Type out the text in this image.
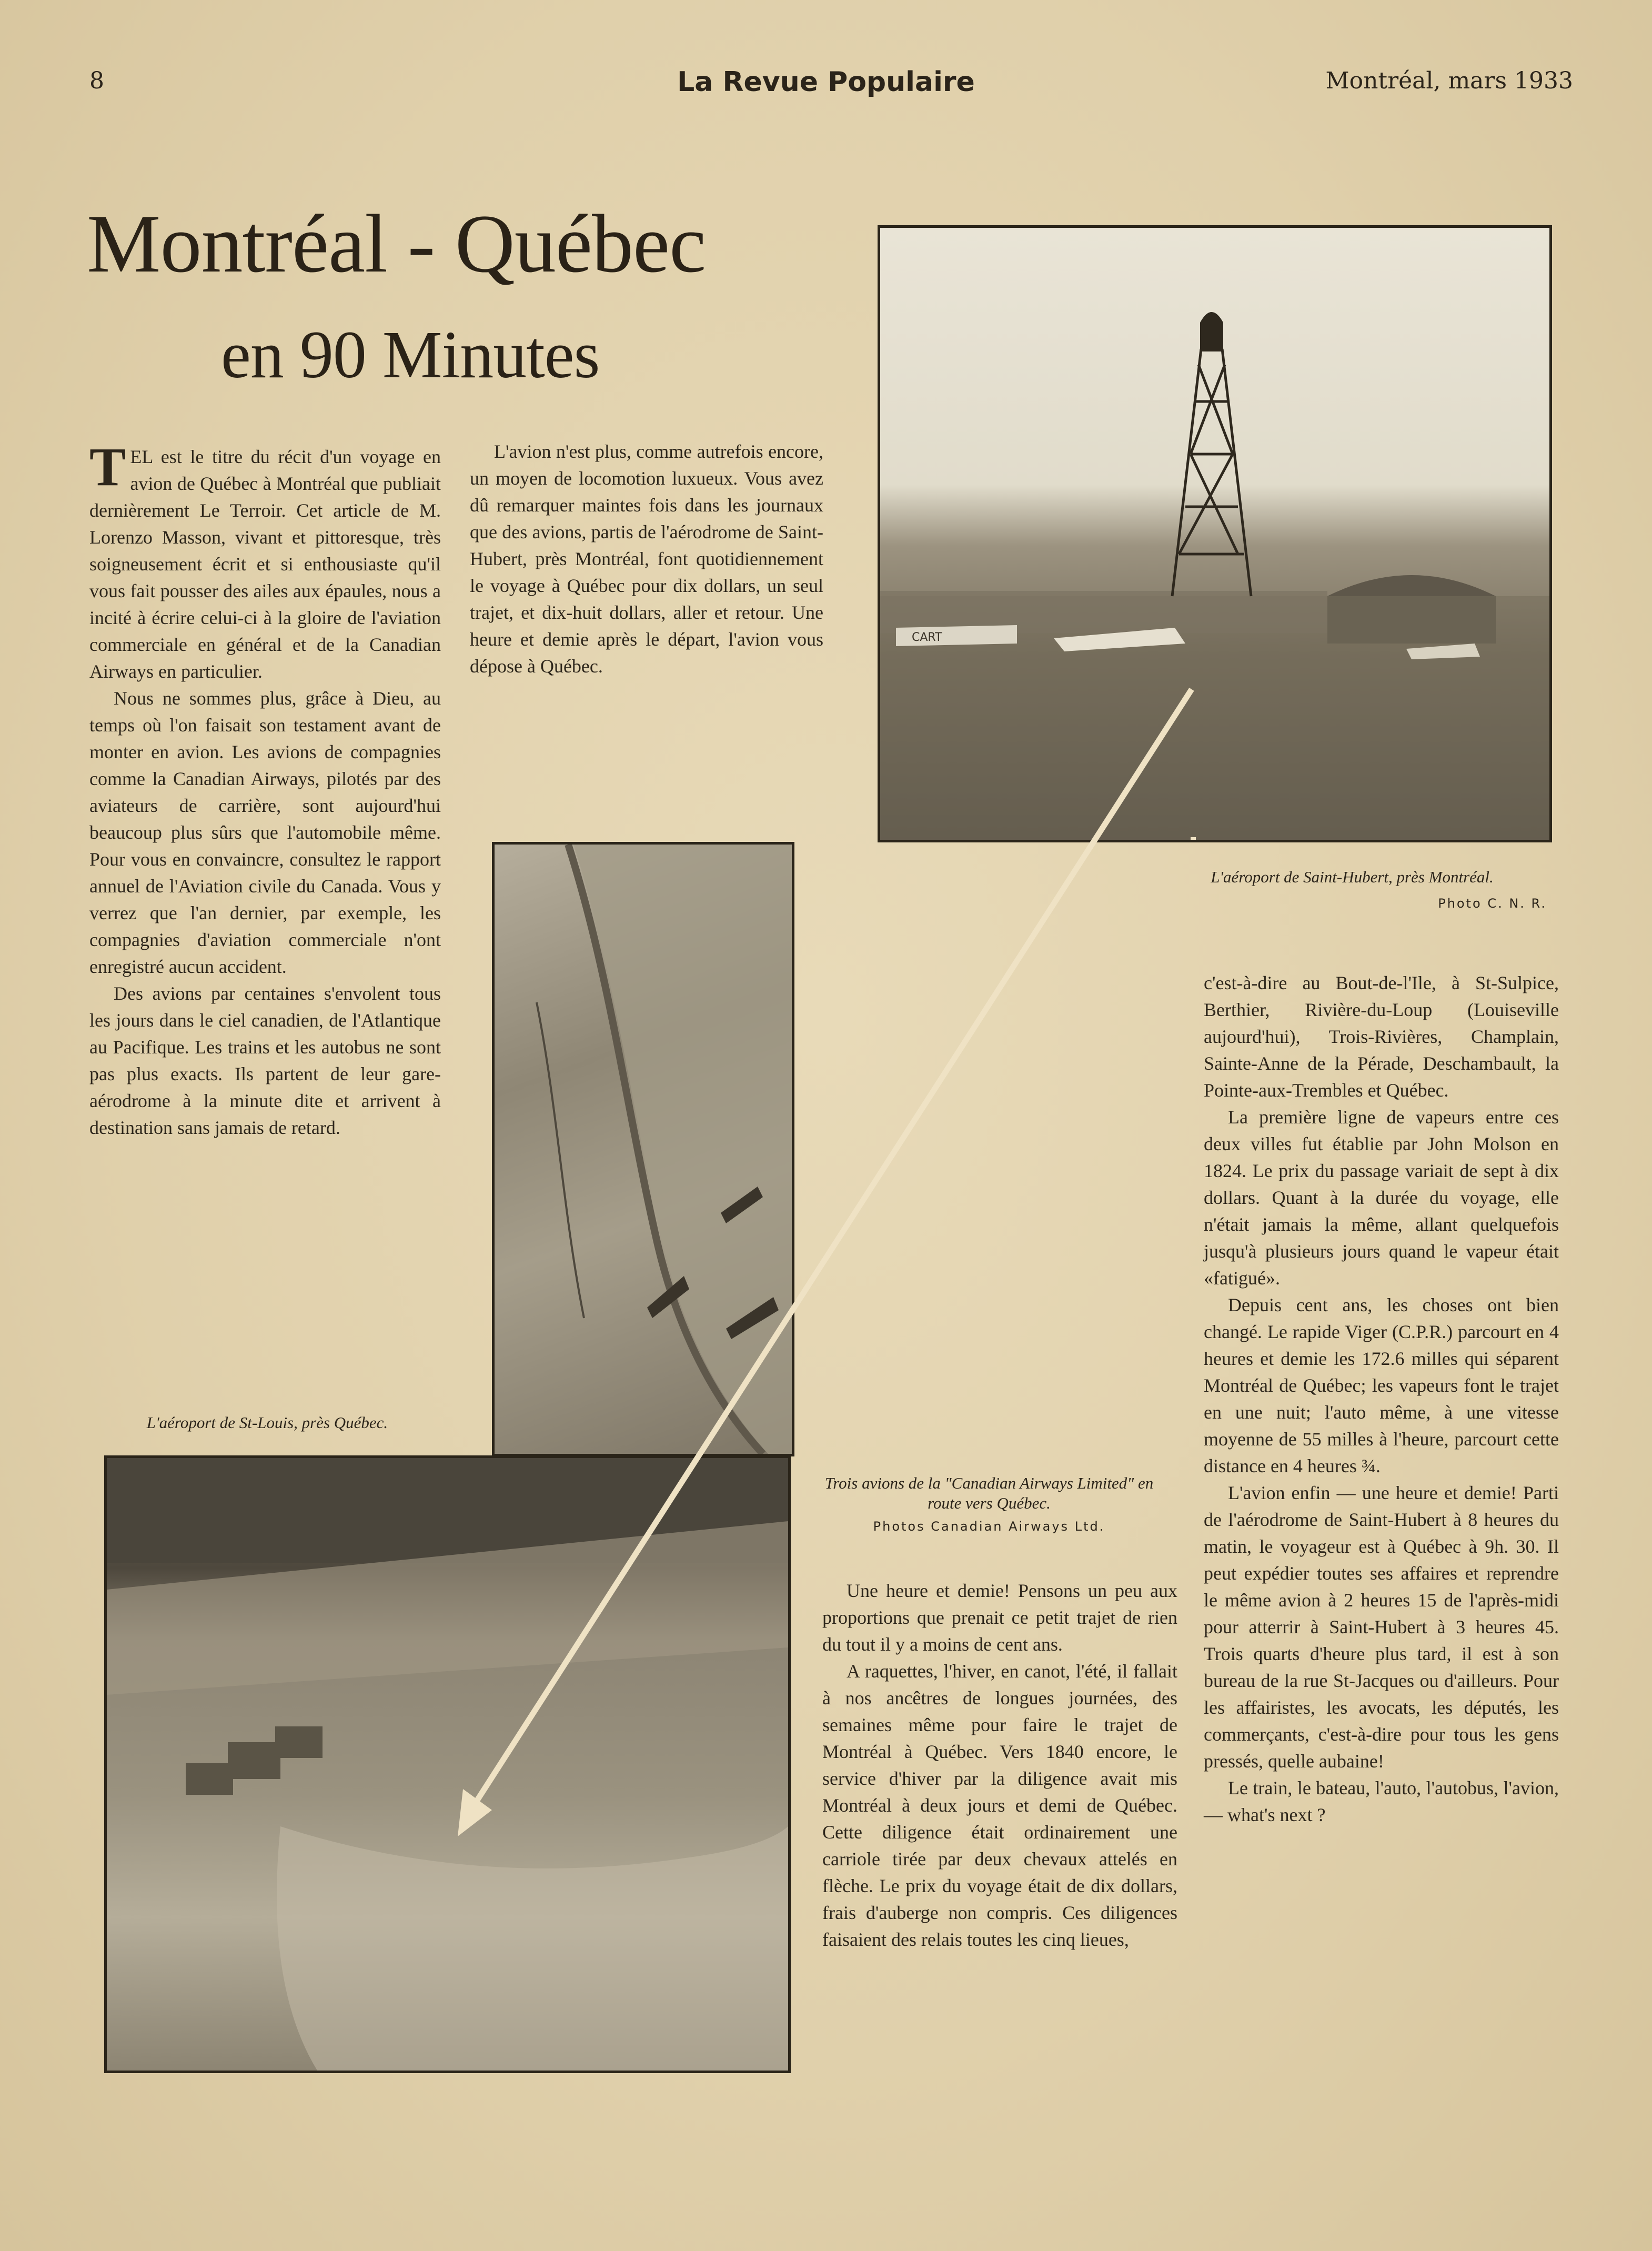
8	La Revue Populaire	Montréal, mars 1933
Montréal - Québec
en 90 Minutes

TEL est le titre du récit d'un voyage en avion de Québec à Montréal que publiait dernièrement Le Terroir. Cet article de M. Lorenzo Masson, vivant et pittoresque, très soigneusement écrit et si enthousiaste qu'il vous fait pousser des ailes aux épaules, nous a incité à écrire celui-ci à la gloire de l'aviation commerciale en général et de la Canadian Airways en particulier.

Nous ne sommes plus, grâce à Dieu, au temps où l'on faisait son testament avant de monter en avion. Les avions de compagnies comme la Canadian Airways, pilotés par des aviateurs de carrière, sont aujourd'hui beaucoup plus sûrs que l'automobile même. Pour vous en convaincre, consultez le rapport annuel de l'Aviation civile du Canada. Vous y verrez que l'an dernier, par exemple, les compagnies d'aviation commerciale n'ont enregistré aucun accident.

Des avions par centaines s'envolent tous les jours dans le ciel canadien, de l'Atlantique au Pacifique. Les trains et les autobus ne sont pas plus exacts. Ils partent de leur gare-aérodrome à la minute dite et arrivent à destination sans jamais de retard.

L'avion n'est plus, comme autrefois encore, un moyen de locomotion luxueux. Vous avez dû remarquer maintes fois dans les journaux que des avions, partis de l'aérodrome de Saint-Hubert, près Montréal, font quotidiennement le voyage à Québec pour dix dollars, un seul trajet, et dix-huit dollars, aller et retour. Une heure et demie après le départ, l'avion vous dépose à Québec.

CART
L'aéroport de Saint-Hubert, près Montréal.
Photo C. N. R.
L'aéroport de St-Louis, près Québec.
Trois avions de la "Canadian Airways Limited" en route vers Québec.
Photos Canadian Airways Ltd.

Une heure et demie! Pensons un peu aux proportions que prenait ce petit trajet de rien du tout il y a moins de cent ans.

A raquettes, l'hiver, en canot, l'été, il fallait à nos ancêtres de longues journées, des semaines même pour faire le trajet de Montréal à Québec. Vers 1840 encore, le service d'hiver par la diligence avait mis Montréal à deux jours et demi de Québec. Cette diligence était ordinairement une carriole tirée par deux chevaux attelés en flèche. Le prix du voyage était de dix dollars, frais d'auberge non compris. Ces diligences faisaient des relais toutes les cinq lieues,

c'est-à-dire au Bout-de-l'Ile, à St-Sulpice, Berthier, Rivière-du-Loup (Louiseville aujourd'hui), Trois-Rivières, Champlain, Sainte-Anne de la Pérade, Deschambault, la Pointe-aux-Trembles et Québec.

La première ligne de vapeurs entre ces deux villes fut établie par John Molson en 1824. Le prix du passage variait de sept à dix dollars. Quant à la durée du voyage, elle n'était jamais la même, allant quelquefois jusqu'à plusieurs jours quand le vapeur était «fatigué».

Depuis cent ans, les choses ont bien changé. Le rapide Viger (C.P.R.) parcourt en 4 heures et demie les 172.6 milles qui séparent Montréal de Québec; les vapeurs font le trajet en une nuit; l'auto même, à une vitesse moyenne de 55 milles à l'heure, parcourt cette distance en 4 heures ¾.

L'avion enfin — une heure et demie! Parti de l'aérodrome de Saint-Hubert à 8 heures du matin, le voyageur est à Québec à 9h. 30. Il peut expédier toutes ses affaires et reprendre le même avion à 2 heures 15 de l'après-midi pour atterrir à Saint-Hubert à 3 heures 45. Trois quarts d'heure plus tard, il est à son bureau de la rue St-Jacques ou d'ailleurs. Pour les affairistes, les avocats, les députés, les commerçants, c'est-à-dire pour tous les gens pressés, quelle aubaine!

Le train, le bateau, l'auto, l'autobus, l'avion, — what's next ?
